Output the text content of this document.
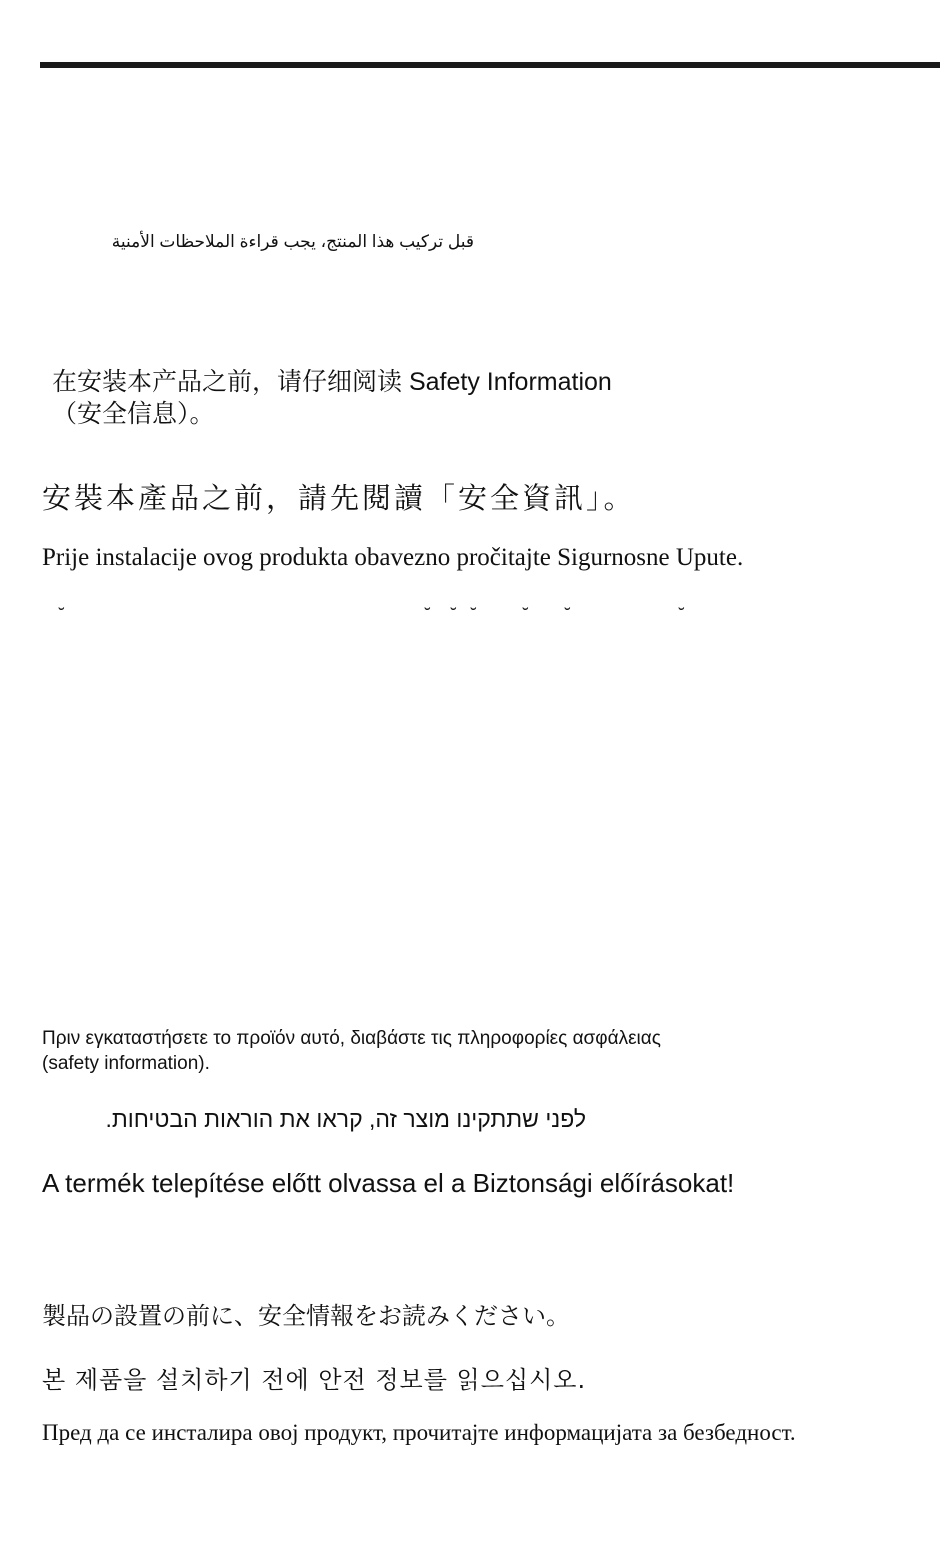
قبل تركيب هذا المنتج، يجب قراءة الملاحظات الأمنية

在安装本产品之前，请仔细阅读 Safety Information
（安全信息）。

安裝本產品之前，請先閱讀「安全資訊」。

Prije instalacije ovog produkta obavezno pročitajte Sigurnosne Upute.

˘	˘ ˘ ˘ ˘ ˘	˘
Πριν εγκαταστήσετε το προϊόν αυτό, διαβάστε τις πληροφορίες ασφάλειας
(safety information).

לפני שתתקינו מוצר זה, קראו את הוראות הבטיחות.

A termék telepítése előtt olvassa el a Biztonsági előírásokat!

製品の設置の前に、安全情報をお読みください。

본 제품을 설치하기 전에 안전 정보를 읽으십시오.

Пред да се инсталира овој продукт, прочитајте информацијата за безбедност.
